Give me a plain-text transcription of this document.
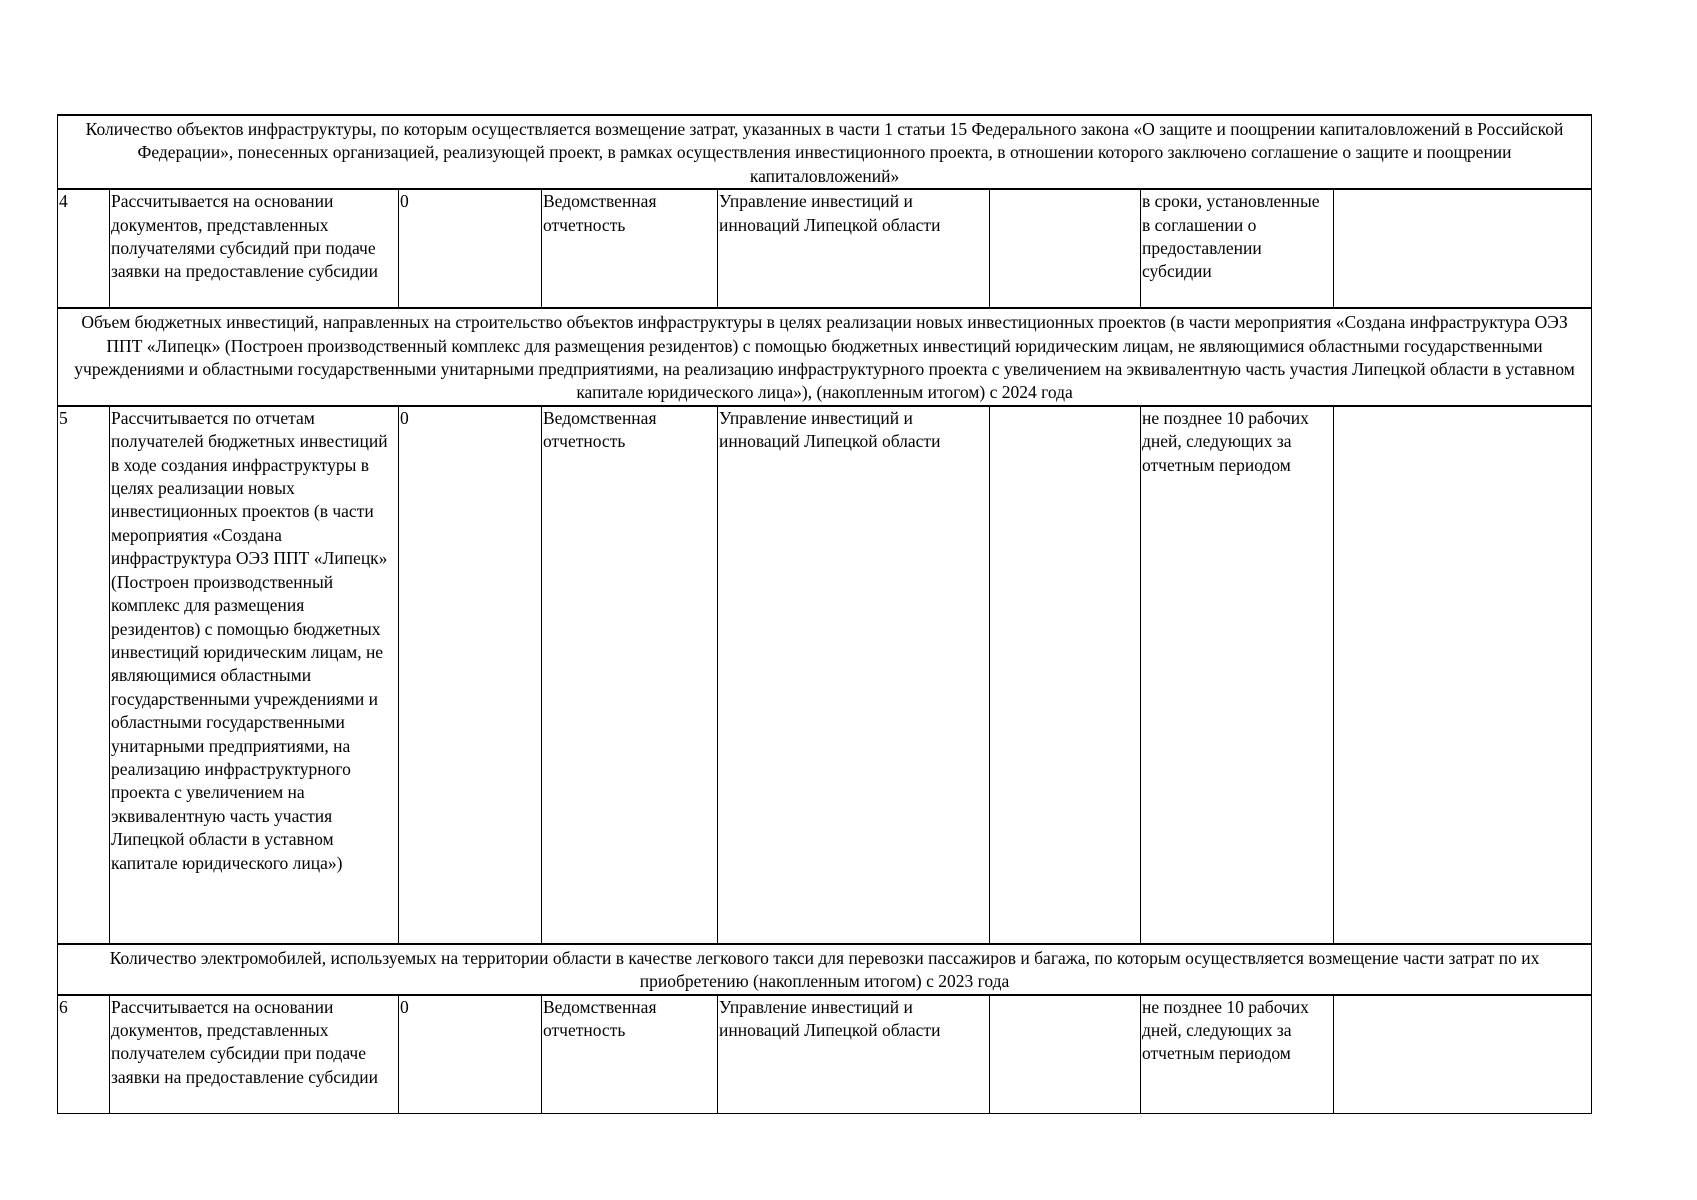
Количество объектов инфраструктуры, по которым осуществляется возмещение затрат, указанных в части 1 статьи 15 Федерального закона «О защите и поощрении капиталовложений в Российской Федерации», понесенных организацией, реализующей проект, в рамках осуществления инвестиционного проекта, в отношении которого заключено соглашение о защите и поощрении капиталовложений»							
4	Рассчитывается на основании документов, представленных получателями субсидий при подаче заявки на предоставление субсидии	0	Ведомственная отчетность	Управление инвестиций и инноваций Липецкой области		в сроки, установленные в соглашении о предоставлении субсидии	
Объем бюджетных инвестиций, направленных на строительство объектов инфраструктуры в целях реализации новых инвестиционных проектов (в части мероприятия «Создана инфраструктура ОЭЗ ППТ «Липецк» (Построен производственный комплекс для размещения резидентов) с помощью бюджетных инвестиций юридическим лицам, не являющимися областными государственными учреждениями и областными государственными унитарными предприятиями, на реализацию инфраструктурного проекта с увеличением на эквивалентную часть участия Липецкой области в уставном капитале юридического лица»), (накопленным итогом) с 2024 года							
5	Рассчитывается по отчетам получателей бюджетных инвестиций в ходе создания инфраструктуры в целях реализации новых инвестиционных проектов (в части мероприятия «Создана инфраструктура ОЭЗ ППТ «Липецк» (Построен производственный комплекс для размещения резидентов) с помощью бюджетных инвестиций юридическим лицам, не являющимися областными государственными учреждениями и областными государственными унитарными предприятиями, на реализацию инфраструктурного проекта с увеличением на эквивалентную часть участия Липецкой области в уставном капитале юридического лица»)	0	Ведомственная отчетность	Управление инвестиций и инноваций Липецкой области		не позднее 10 рабочих дней, следующих за отчетным периодом	
Количество электромобилей, используемых на территории области в качестве легкового такси для перевозки пассажиров и багажа, по которым осуществляется возмещение части затрат по их приобретению (накопленным итогом) с 2023 года							
6	Рассчитывается на основании документов, представленных получателем субсидии при подаче заявки на предоставление субсидии	0	Ведомственная отчетность	Управление инвестиций и инноваций Липецкой области		не позднее 10 рабочих дней, следующих за отчетным периодом	
